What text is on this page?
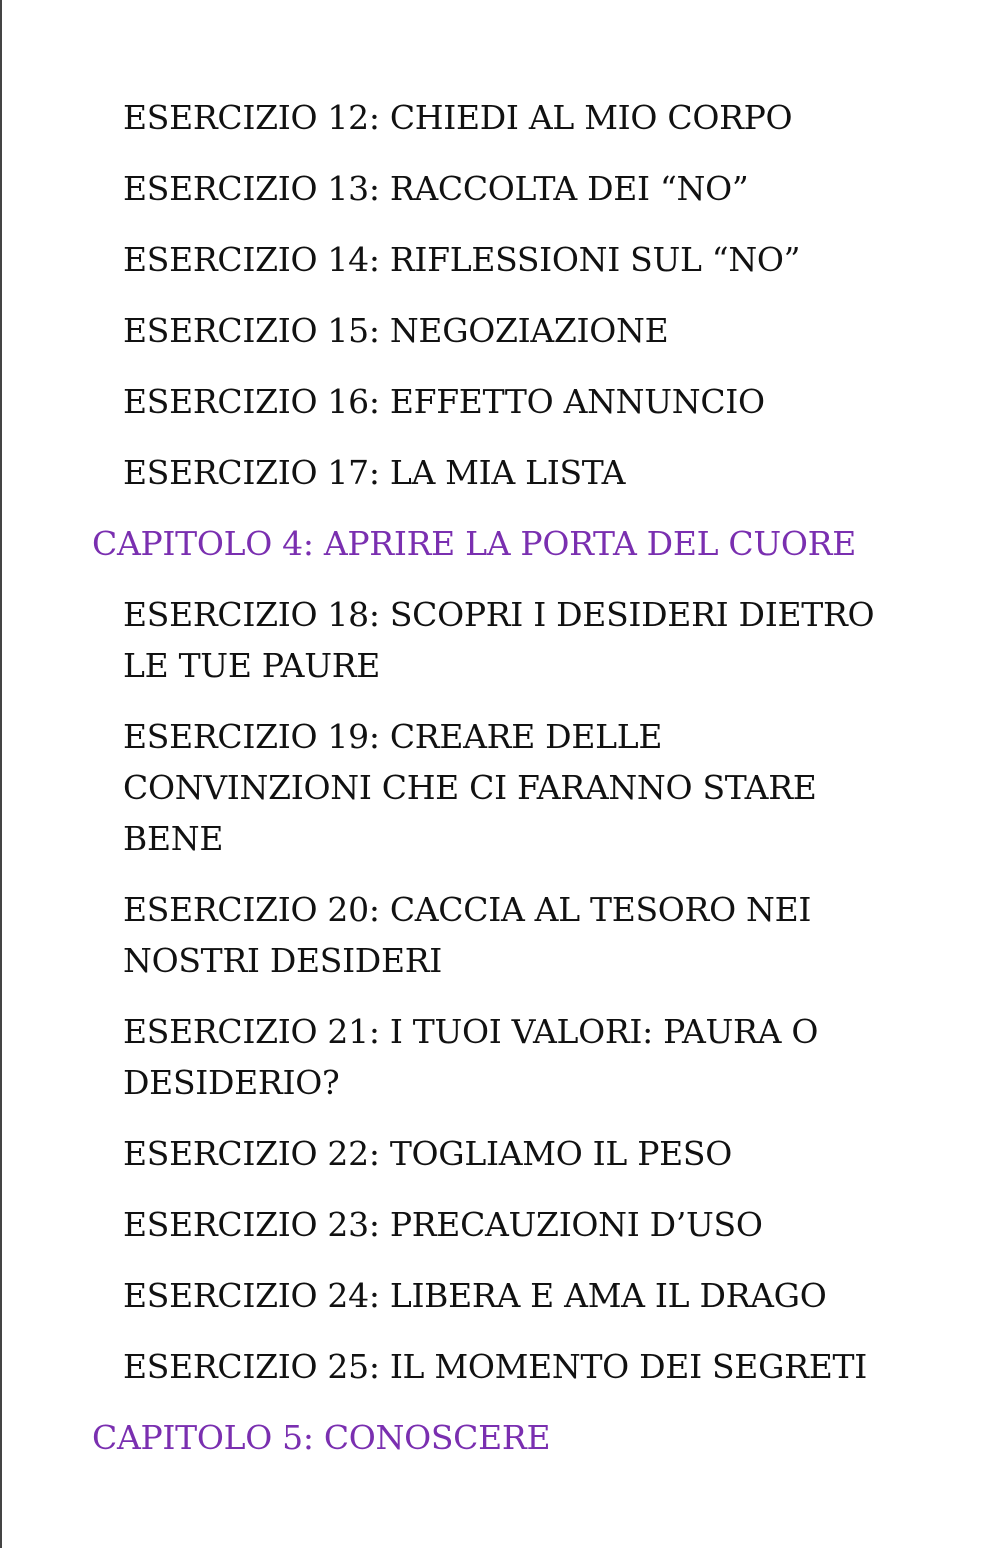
ESERCIZIO 12: CHIEDI AL MIO CORPO
ESERCIZIO 13: RACCOLTA DEI “NO”
ESERCIZIO 14: RIFLESSIONI SUL “NO”
ESERCIZIO 15: NEGOZIAZIONE
ESERCIZIO 16: EFFETTO ANNUNCIO
ESERCIZIO 17: LA MIA LISTA
CAPITOLO 4: APRIRE LA PORTA DEL CUORE
ESERCIZIO 18: SCOPRI I DESIDERI DIETRO LE TUE PAURE
ESERCIZIO 19: CREARE DELLE CONVINZIONI CHE CI FARANNO STARE BENE
ESERCIZIO 20: CACCIA AL TESORO NEI NOSTRI DESIDERI
ESERCIZIO 21: I TUOI VALORI: PAURA O DESIDERIO?
ESERCIZIO 22: TOGLIAMO IL PESO
ESERCIZIO 23: PRECAUZIONI D’USO
ESERCIZIO 24: LIBERA E AMA IL DRAGO
ESERCIZIO 25: IL MOMENTO DEI SEGRETI
CAPITOLO 5: CONOSCERE
